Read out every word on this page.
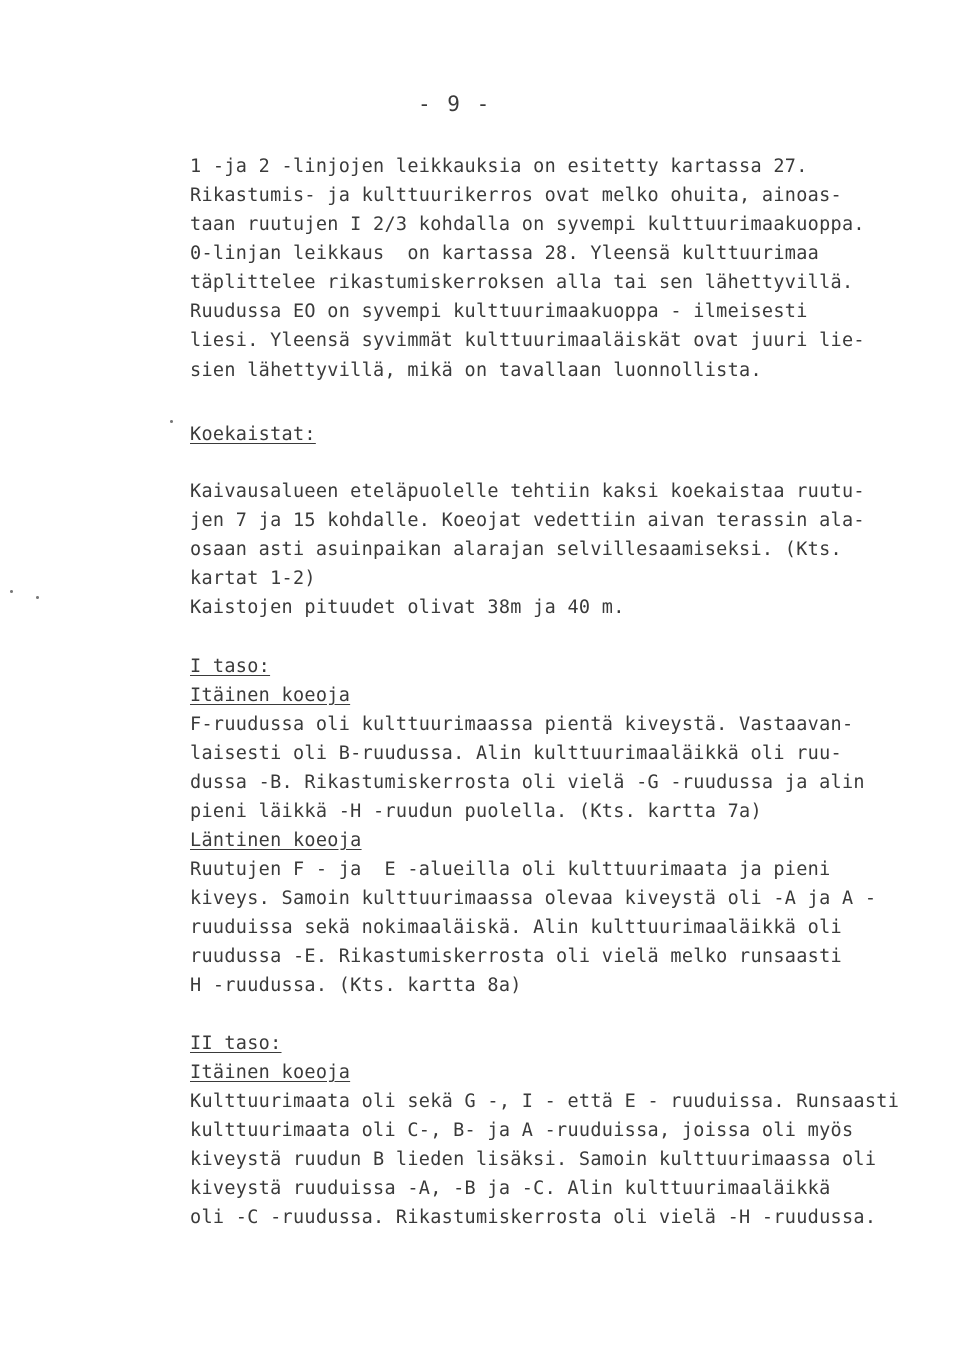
- 9 -
1 -ja 2 -linjojen leikkauksia on esitetty kartassa 27.
Rikastumis- ja kulttuurikerros ovat melko ohuita, ainoas-
taan ruutujen I 2/3 kohdalla on syvempi kulttuurimaakuoppa.
0-linjan leikkaus  on kartassa 28. Yleensä kulttuurimaa
täplittelee rikastumiskerroksen alla tai sen lähettyvillä.
Ruudussa EO on syvempi kulttuurimaakuoppa - ilmeisesti
liesi. Yleensä syvimmät kulttuurimaaläiskät ovat juuri lie-
sien lähettyvillä, mikä on tavallaan luonnollista.
Koekaistat:
Kaivausalueen eteläpuolelle tehtiin kaksi koekaistaa ruutu-
jen 7 ja 15 kohdalle. Koeojat vedettiin aivan terassin ala-
osaan asti asuinpaikan alarajan selvillesaamiseksi. (Kts.
kartat 1-2)
Kaistojen pituudet olivat 38m ja 40 m.
I taso:
Itäinen koeoja
F-ruudussa oli kulttuurimaassa pientä kiveystä. Vastaavan-
laisesti oli B-ruudussa. Alin kulttuurimaaläikkä oli ruu-
dussa -B. Rikastumiskerrosta oli vielä -G -ruudussa ja alin
pieni läikkä -H -ruudun puolella. (Kts. kartta 7a)
Läntinen koeoja
Ruutujen F - ja  E -alueilla oli kulttuurimaata ja pieni
kiveys. Samoin kulttuurimaassa olevaa kiveystä oli -A ja A -
ruuduissa sekä nokimaaläiskä. Alin kulttuurimaaläikkä oli
ruudussa -E. Rikastumiskerrosta oli vielä melko runsaasti
H -ruudussa. (Kts. kartta 8a)
II taso:
Itäinen koeoja
Kulttuurimaata oli sekä G -, I - että E - ruuduissa. Runsaasti
kulttuurimaata oli C-, B- ja A -ruuduissa, joissa oli myös
kiveystä ruudun B lieden lisäksi. Samoin kulttuurimaassa oli
kiveystä ruuduissa -A, -B ja -C. Alin kulttuurimaaläikkä
oli -C -ruudussa. Rikastumiskerrosta oli vielä -H -ruudussa.
